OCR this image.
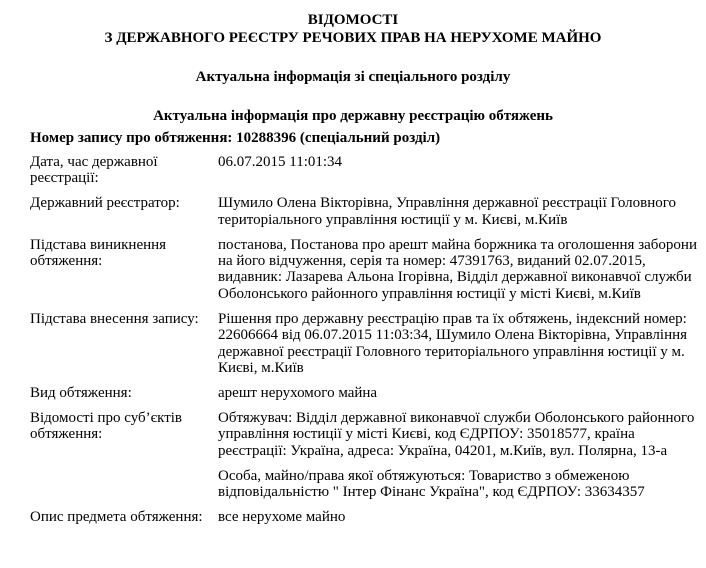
ВІДОМОСТІ
З ДЕРЖАВНОГО РЕЄСТРУ РЕЧОВИХ ПРАВ НА НЕРУХОМЕ МАЙНО
Актуальна інформація зі спеціального розділу
Актуальна інформація про державну реєстрацію обтяжень
Номер запису про обтяження: 10288396 (спеціальний розділ)
Дата, час державної реєстрації:

06.07.2015 11:01:34

Державний реєстратор:	Шумило Олена Вікторівна, Управління державної реєстрації Головного територіального управління юстиції у м. Києві, м.Київ

Підстава виникнення обтяження:

постанова, Постанова про арешт майна боржника та оголошення заборони на його відчуження, серія та номер: 47391763, виданий 02.07.2015, видавник: Лазарева Альона Ігорівна, Відділ державної виконавчої служби Оболонського районного управління юстиції у місті Києві, м.Київ

Підстава внесення запису:	Рішення про державну реєстрацію прав та їх обтяжень, індексний номер: 22606664 від 06.07.2015 11:03:34, Шумило Олена Вікторівна, Управління державної реєстрації Головного територіального управління юстиції у м. Києві, м.Київ

Вид обтяження:	арешт нерухомого майна

Відомості про суб’єктів обтяження:

Обтяжувач: Відділ державної виконавчої служби Оболонського районного управління юстиції у місті Києві, код ЄДРПОУ: 35018577, країна реєстрації: Україна, адреса: Україна, 04201, м.Київ, вул. Полярна, 13-а

Особа, майно/права якої обтяжуються: Товариство з обмеженою відповідальністю " Інтер Фінанс Україна", код ЄДРПОУ: 33634357

Опис предмета обтяження:	все нерухоме майно
